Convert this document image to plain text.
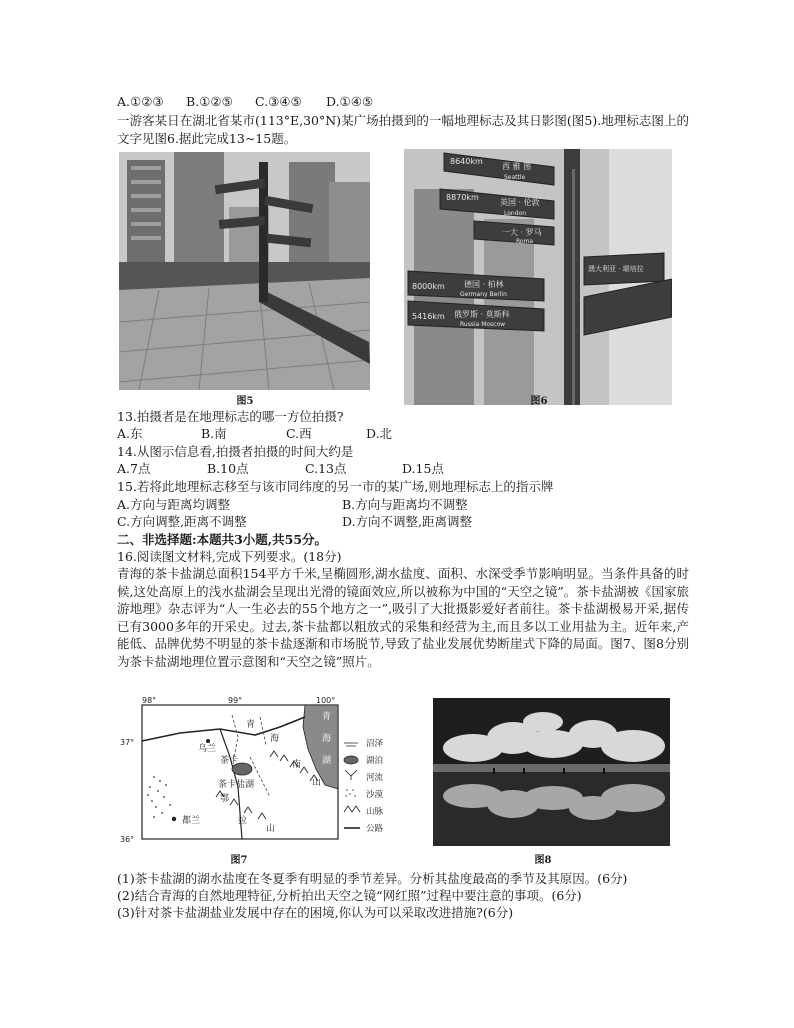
A.①②③ B.①②⑤ C.③④⑤ D.①④⑤
一游客某日在湖北省某市(113°E,30°N)某广场拍摄到的一幅地理标志及其日影图(图5).地理标志图上的文字见图6.据此完成13~15题。
图5
8640km
西 雅 图
Seattle
8870km
英国 · 伦敦
London
一大 · 罗马
Roma
8000km 德国 · 柏林
Germany Berlin
5416km 俄罗斯 · 莫斯科
Russia Moscow
澳大利亚 · 堪培拉
图6
13.拍摄者是在地理标志的哪一方位拍摄?
A.东	B.南	C.西	D.北
14.从图示信息看,拍摄者拍摄的时间大约是
A.7点	B.10点	C.13点	D.15点
15.若将此地理标志移至与该市同纬度的另一市的某广场,则地理标志上的指示牌
A.方向与距离均调整	B.方向与距离均不调整
C.方向调整,距离不调整	D.方向不调整,距离调整
二、非选择题:本题共3小题,共55分。
16.阅读图文材料,完成下列要求。(18分)
青海的茶卡盐湖总面积154平方千米,呈椭圆形,湖水盐度、面积、水深受季节影响明显。当条件具备的时候,这处高原上的浅水盐湖会呈现出光滑的镜面效应,所以被称为中国的“天空之镜”。茶卡盐湖被《国家旅游地理》杂志评为“人一生必去的55个地方之一”,吸引了大批摄影爱好者前往。茶卡盐湖极易开采,据传已有3000多年的开采史。过去,茶卡盐都以粗放式的采集和经营为主,而且多以工业用盐为主。近年来,产能低、品牌优势不明显的茶卡盐逐渐和市场脱节,导致了盐业发展优势断崖式下降的局面。图7、图8分别为茶卡盐湖地理位置示意图和“天空之镜”照片。
98°	99°	100°
37°
36°
乌兰
青
海
茶卡	南
山
茶卡盐湖
都兰
鄂
拉
山
青
海
湖
沼泽
湖泊
河流
沙漠
山脉
公路
图7	图8
(1)茶卡盐湖的湖水盐度在冬夏季有明显的季节差异。分析其盐度最高的季节及其原因。(6分)
(2)结合青海的自然地理特征,分析拍出天空之镜“网红照”过程中要注意的事项。(6分)
(3)针对茶卡盐湖盐业发展中存在的困境,你认为可以采取改进措施?(6分)
